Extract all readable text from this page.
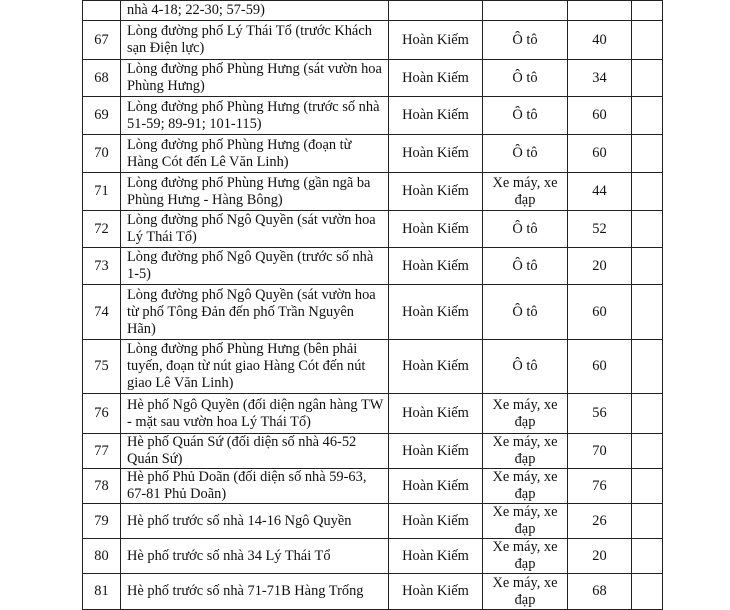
	nhà 4-18; 22-30; 57-59)				
67	Lòng đường phố Lý Thái Tổ (trước Khách sạn Điện lực)	Hoàn Kiếm	Ô tô	40	
68	Lòng đường phố Phùng Hưng (sát vườn hoa Phùng Hưng)	Hoàn Kiếm	Ô tô	34	
69	Lòng đường phố Phùng Hưng (trước số nhà 51-59; 89-91; 101-115)	Hoàn Kiếm	Ô tô	60	
70	Lòng đường phố Phùng Hưng (đoạn từ Hàng Cót đến Lê Văn Linh)	Hoàn Kiếm	Ô tô	60	
71	Lòng đường phố Phùng Hưng (gần ngã ba Phùng Hưng - Hàng Bông)	Hoàn Kiếm	Xe máy, xe đạp	44	
72	Lòng đường phố Ngô Quyền (sát vườn hoa Lý Thái Tổ)	Hoàn Kiếm	Ô tô	52	
73	Lòng đường phố Ngô Quyền (trước số nhà 1-5)	Hoàn Kiếm	Ô tô	20	
74	Lòng đường phố Ngô Quyền (sát vườn hoa từ phố Tông Đản đến phố Trần Nguyên Hãn)	Hoàn Kiếm	Ô tô	60	
75	Lòng đường phố Phùng Hưng (bên phải tuyến, đoạn từ nút giao Hàng Cót đến nút giao Lê Văn Linh)	Hoàn Kiếm	Ô tô	60	
76	Hè phố Ngô Quyền (đối diện ngân hàng TW - mặt sau vườn hoa Lý Thái Tổ)	Hoàn Kiếm	Xe máy, xe đạp	56	
77	Hè phố Quán Sứ (đối diện số nhà 46-52 Quán Sứ)	Hoàn Kiếm	Xe máy, xe đạp	70	
78	Hè phố Phủ Doãn (đối diện số nhà 59-63, 67-81 Phủ Doãn)	Hoàn Kiếm	Xe máy, xe đạp	76	
79	Hè phố trước số nhà 14-16 Ngô Quyền	Hoàn Kiếm	Xe máy, xe đạp	26	
80	Hè phố trước số nhà 34 Lý Thái Tổ	Hoàn Kiếm	Xe máy, xe đạp	20	
81	Hè phố trước số nhà 71-71B Hàng Trống	Hoàn Kiếm	Xe máy, xe đạp	68	
